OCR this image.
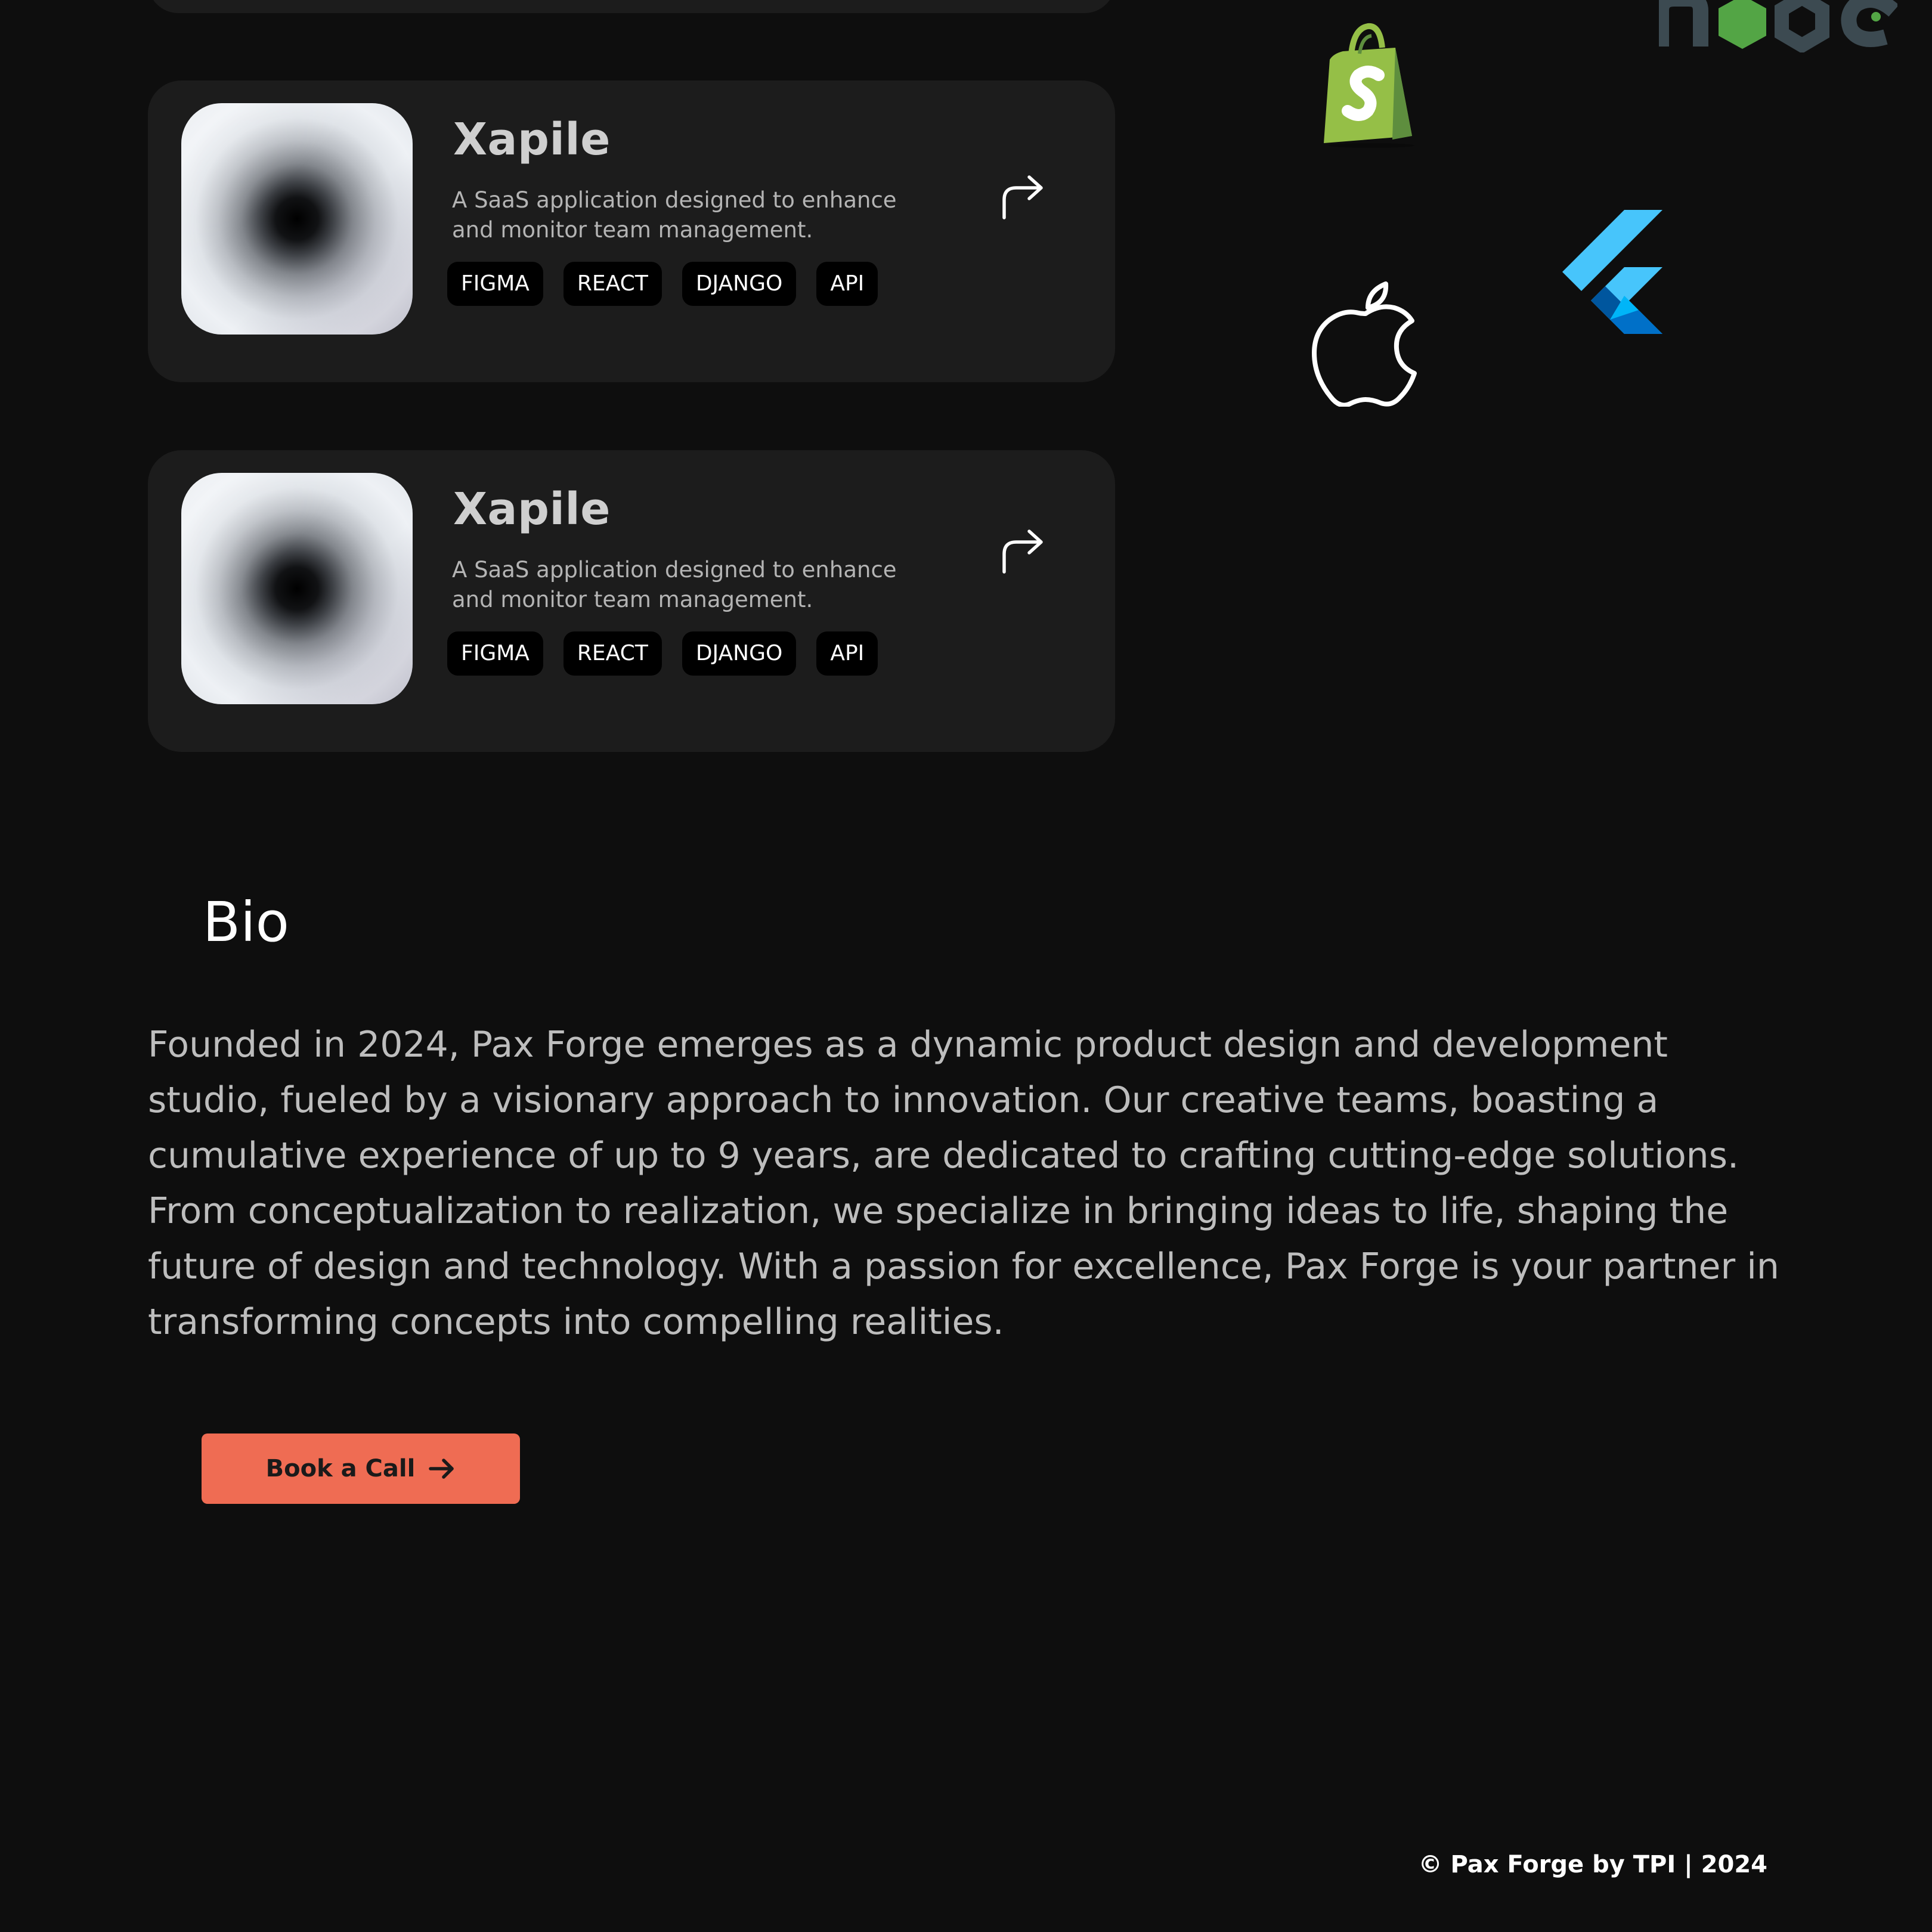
Xapile
A SaaS application designed to enhance and monitor team management.
FIGMA	REACT	DJANGO	API
Xapile
A SaaS application designed to enhance and monitor team management.
FIGMA	REACT	DJANGO	API
Bio
Founded in 2024, Pax Forge emerges as a dynamic product design and development studio, fueled by a visionary approach to innovation. Our creative teams, boasting a cumulative experience of up to 9 years, are dedicated to crafting cutting-edge solutions. From conceptualization to realization, we specialize in bringing ideas to life, shaping the future of design and technology. With a passion for excellence, Pax Forge is your partner in transforming concepts into compelling realities.
Book a Call
© Pax Forge by TPI | 2024
